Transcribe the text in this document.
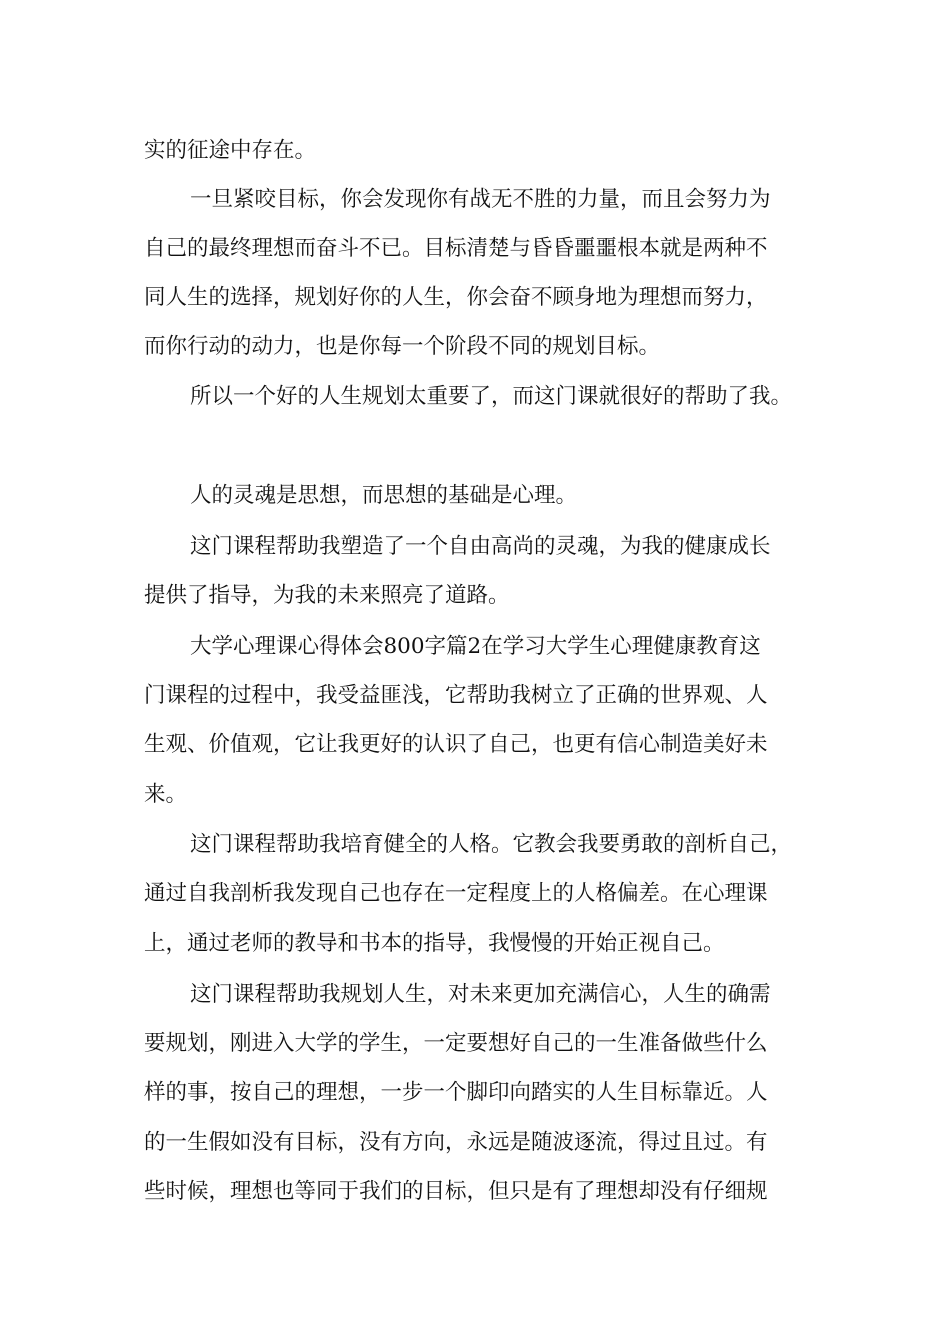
实的征途中存在。
一旦紧咬目标，你会发现你有战无不胜的力量，而且会努力为
自己的最终理想而奋斗不已。目标清楚与昏昏噩噩根本就是两种不
同人生的选择，规划好你的人生，你会奋不顾身地为理想而努力，
而你行动的动力，也是你每一个阶段不同的规划目标。
所以一个好的人生规划太重要了，而这门课就很好的帮助了我。
人的灵魂是思想，而思想的基础是心理。
这门课程帮助我塑造了一个自由高尚的灵魂，为我的健康成长
提供了指导，为我的未来照亮了道路。
大学心理课心得体会800字篇2在学习大学生心理健康教育这
门课程的过程中，我受益匪浅，它帮助我树立了正确的世界观、人
生观、价值观，它让我更好的认识了自己，也更有信心制造美好未
来。
这门课程帮助我培育健全的人格。它教会我要勇敢的剖析自己，
通过自我剖析我发现自己也存在一定程度上的人格偏差。在心理课
上，通过老师的教导和书本的指导，我慢慢的开始正视自己。
这门课程帮助我规划人生，对未来更加充满信心，人生的确需
要规划，刚进入大学的学生，一定要想好自己的一生准备做些什么
样的事，按自己的理想，一步一个脚印向踏实的人生目标靠近。人
的一生假如没有目标，没有方向，永远是随波逐流，得过且过。有
些时候，理想也等同于我们的目标，但只是有了理想却没有仔细规
